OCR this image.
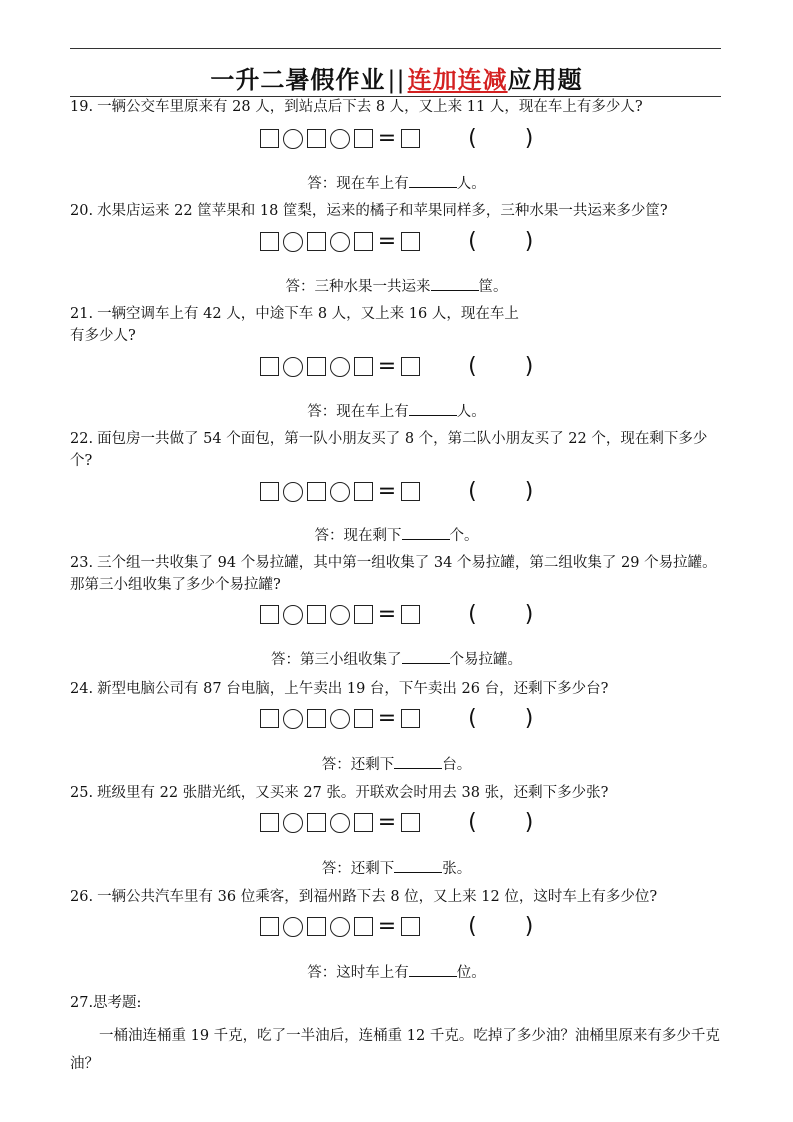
一升二暑假作业||连加连减应用题
19. 一辆公交车里原来有 28 人，到站点后下去 8 人，又上来 11 人，现在车上有多少人?
=	( )
答：现在车上有	人。
20. 水果店运来 22 筐苹果和 18 筐梨，运来的橘子和苹果同样多，三种水果一共运来多少筐?
=	( )
答：三种水果一共运来	筐。
21. 一辆空调车上有 42 人，中途下车 8 人，又上来 16 人，现在车上
有多少人?
=	( )
答：现在车上有	人。
22. 面包房一共做了 54 个面包，第一队小朋友买了 8 个，第二队小朋友买了 22 个，现在剩下多少个?
=	( )
答：现在剩下	个。
23. 三个组一共收集了 94 个易拉罐，其中第一组收集了 34 个易拉罐，第二组收集了 29 个易拉罐。那第三小组收集了多少个易拉罐?
=	( )
答：第三小组收集了	个易拉罐。
24. 新型电脑公司有 87 台电脑，上午卖出 19 台，下午卖出 26 台，还剩下多少台?
=	( )
答：还剩下	台。
25. 班级里有 22 张腊光纸，又买来 27 张。开联欢会时用去 38 张，还剩下多少张?
=	( )
答：还剩下	张。
26. 一辆公共汽车里有 36 位乘客，到福州路下去 8 位，又上来 12 位，这时车上有多少位?
=	( )
答：这时车上有	位。
27.思考题:
一桶油连桶重 19 千克，吃了一半油后，连桶重 12 千克。吃掉了多少油？油桶里原来有多少千克油？
